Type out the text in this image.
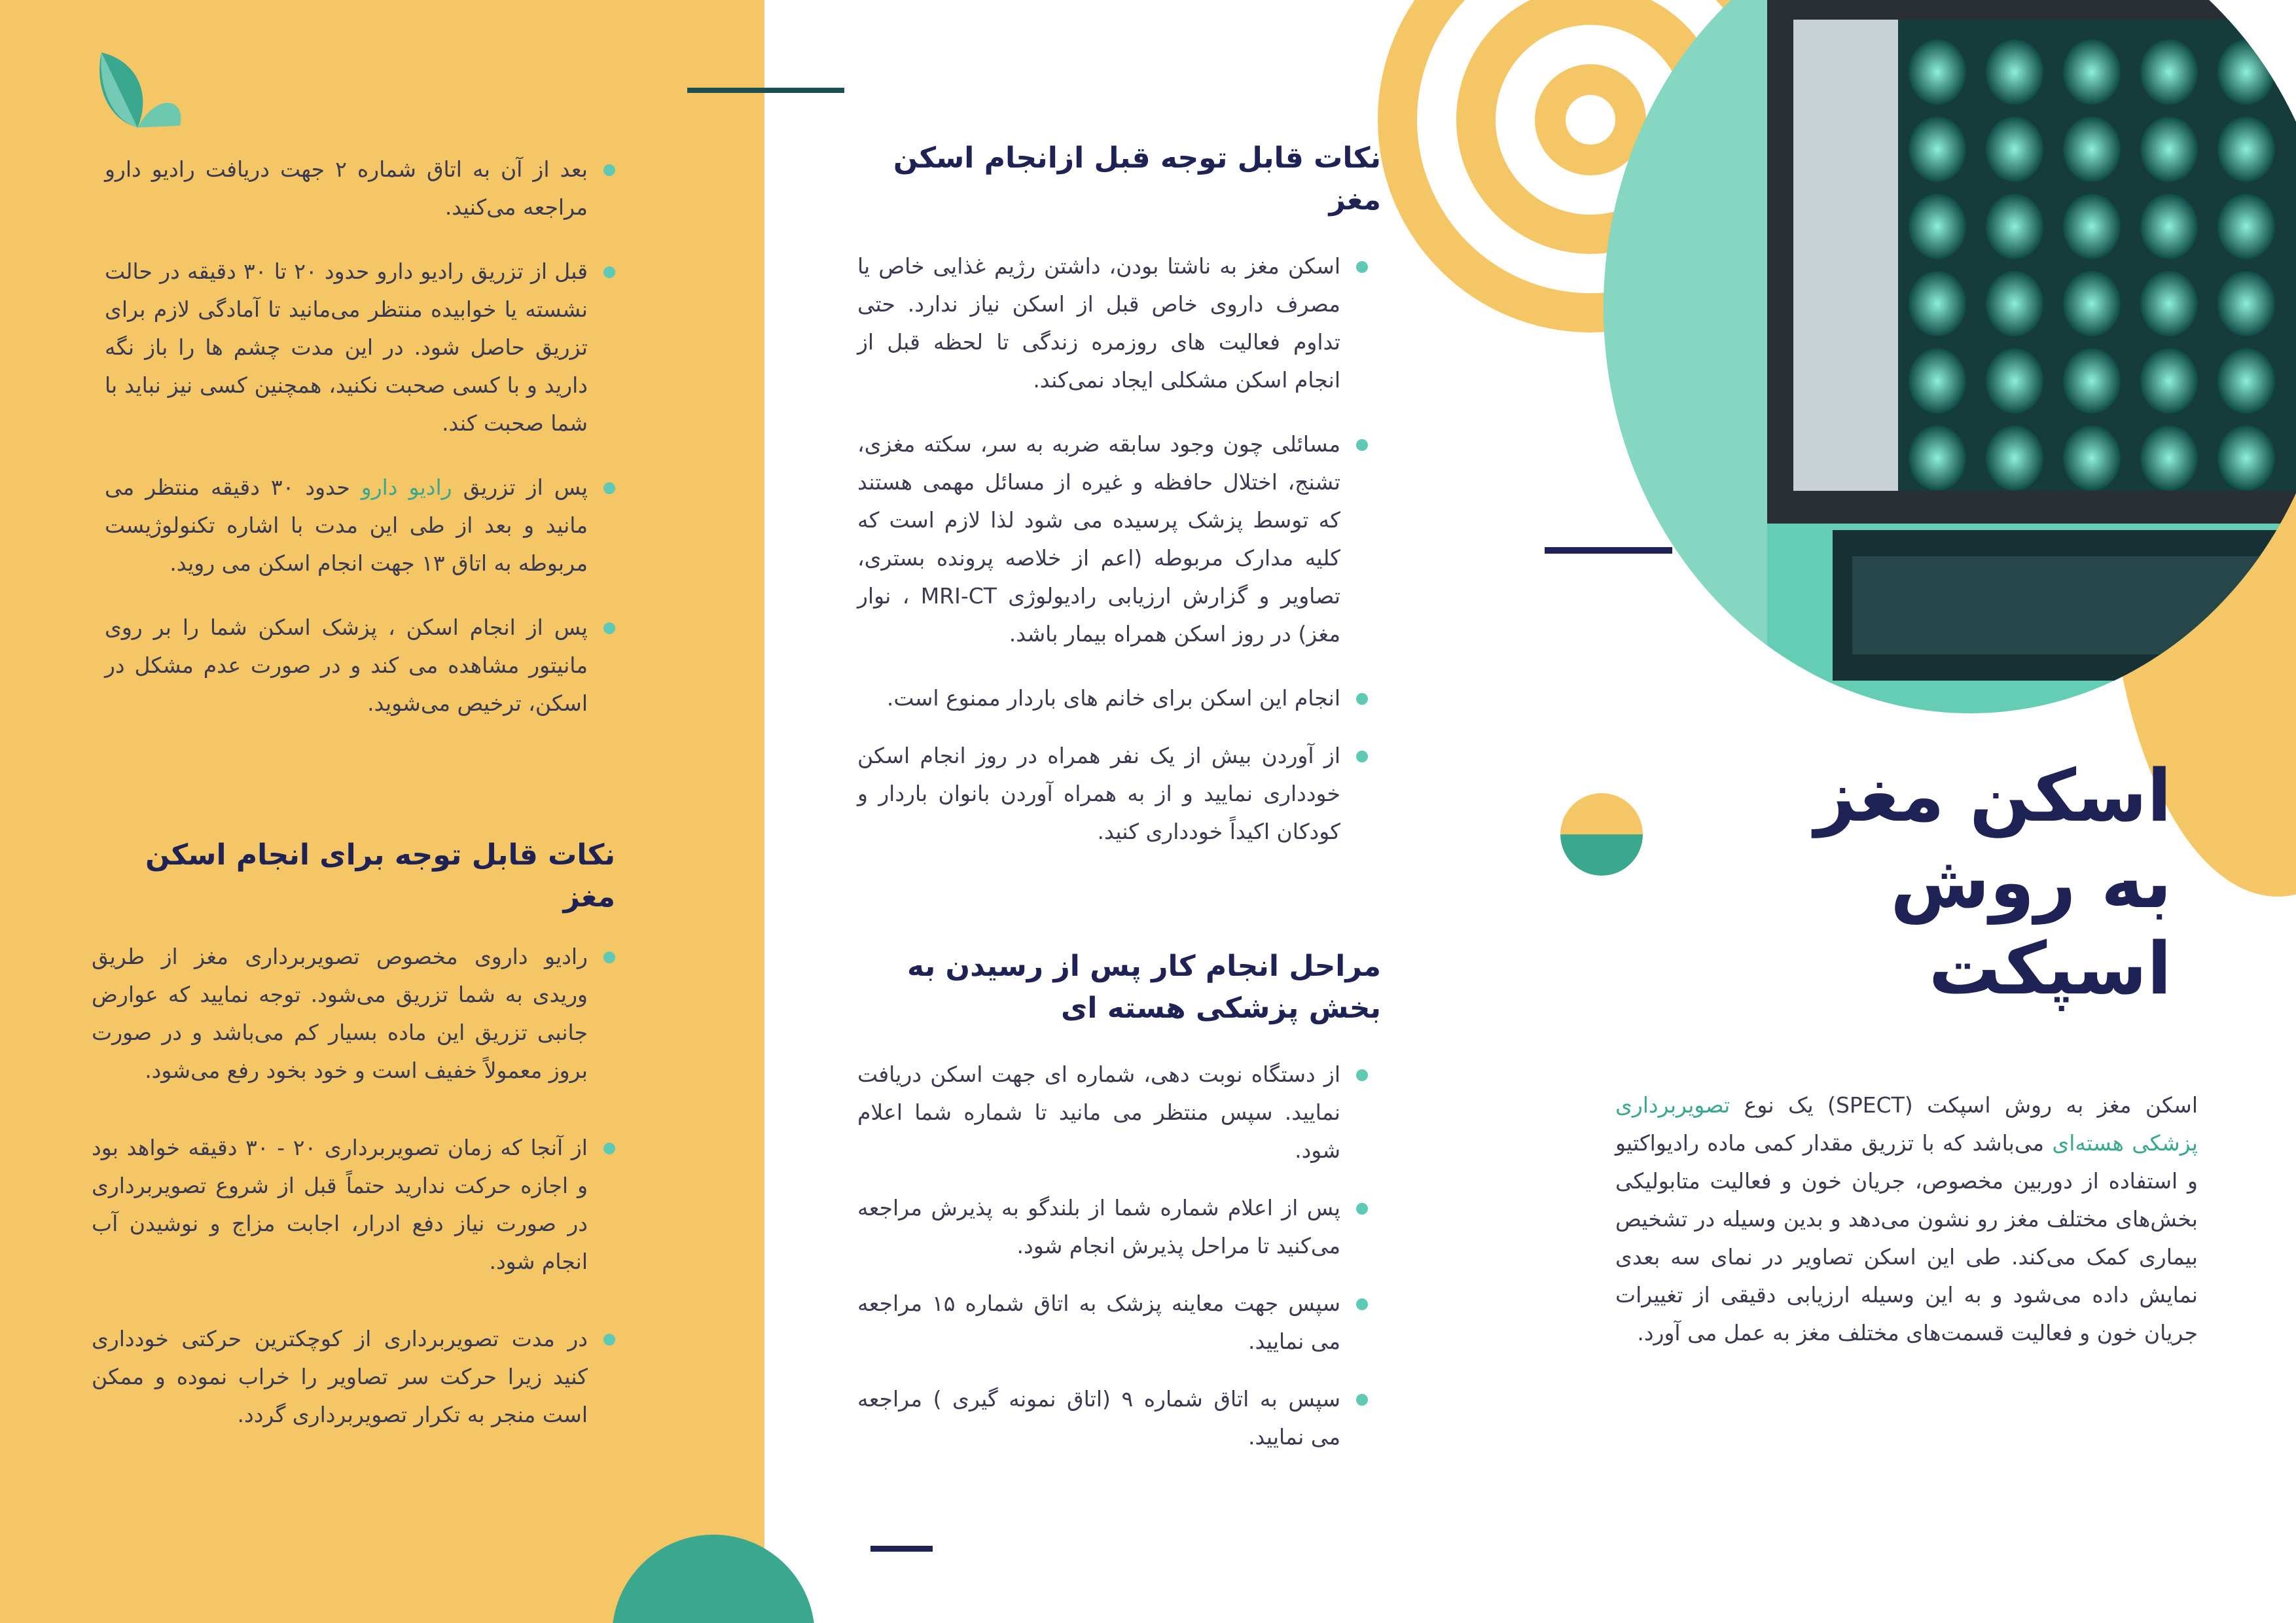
بعد از آن به اتاق شماره ۲ جهت دریافت رادیو دارو مراجعه می‌کنید.
قبل از تزریق رادیو دارو حدود ۲۰ تا ۳۰ دقیقه در حالت نشسته یا خوابیده منتظر می‌مانید تا آمادگی لازم برای تزریق حاصل شود. در این مدت چشم ها را باز نگه دارید و با کسی صحبت نکنید، همچنین کسی نیز نباید با شما صحبت کند.
پس از تزریق رادیو دارو حدود ۳۰ دقیقه منتظر می مانید و بعد از طی این مدت با اشاره تکنولوژیست مربوطه به اتاق ۱۳ جهت انجام اسکن می روید.
پس از انجام اسکن ، پزشک اسکن شما را بر روی مانیتور مشاهده می کند و در صورت عدم مشکل در اسکن، ترخیص می‌شوید.
نکات قابل توجه برای انجام اسکن مغز
رادیو داروی مخصوص تصویربرداری مغز از طریق وریدی به شما تزریق می‌شود. توجه نمایید که عوارض جانبی تزریق این ماده بسیار کم می‌باشد و در صورت بروز معمولاً خفیف است و خود بخود رفع می‌شود.
از آنجا که زمان تصویربرداری ۲۰ - ۳۰ دقیقه خواهد بود و اجازه حرکت ندارید حتماً قبل از شروع تصویربرداری در صورت نیاز دفع ادرار، اجابت مزاج و نوشیدن آب انجام شود.
در مدت تصویربرداری از کوچکترین حرکتی خودداری کنید زیرا حرکت سر تصاویر را خراب نموده و ممکن است منجر به تکرار تصویربرداری گردد.
نکات قابل توجه قبل ازانجام اسکن مغز
اسکن مغز به ناشتا بودن، داشتن رژیم غذایی خاص یا مصرف داروی خاص قبل از اسکن نیاز ندارد. حتی تداوم فعالیت های روزمره زندگی تا لحظه قبل از انجام اسکن مشکلی ایجاد نمی‌کند.
مسائلی چون وجود سابقه ضربه به سر، سکته مغزی، تشنج، اختلال حافظه و غیره از مسائل مهمی هستند که توسط پزشک پرسیده می شود لذا لازم است که کلیه مدارک مربوطه (اعم از خلاصه پرونده بستری، تصاویر و گزارش ارزیابی رادیولوژی MRI-CT ، نوار مغز) در روز اسکن همراه بیمار باشد.
انجام این اسکن برای خانم های باردار ممنوع است.
از آوردن بیش از یک نفر همراه در روز انجام اسکن خودداری نمایید و از به همراه آوردن بانوان باردار و کودکان اکیداً خودداری کنید.
مراحل انجام کار پس از رسیدن به بخش پزشکی هسته ای
از دستگاه نوبت دهی، شماره ای جهت اسکن دریافت نمایید. سپس منتظر می مانید تا شماره شما اعلام شود.
پس از اعلام شماره شما از بلندگو به پذیرش مراجعه می‌کنید تا مراحل پذیرش انجام شود.
سپس جهت معاینه پزشک به اتاق شماره ۱۵ مراجعه می نمایید.
سپس به اتاق شماره ۹ (اتاق نمونه گیری ) مراجعه می نمایید.
اسکن مغز
به روش
اسپکت

اسکن مغز به روش اسپکت (SPECT) یک نوع تصویربرداری پزشکی هسته‌ای می‌باشد که با تزریق مقدار کمی ماده رادیواکتیو و استفاده از دوربین مخصوص، جریان خون و فعالیت متابولیکی بخش‌های مختلف مغز رو نشون می‌دهد و بدین وسیله در تشخیص بیماری کمک می‌کند. طی این اسکن تصاویر در نمای سه بعدی نمایش داده می‌شود و به این وسیله ارزیابی دقیقی از تغییرات جریان خون و فعالیت قسمت‌های مختلف مغز به عمل می آورد.
